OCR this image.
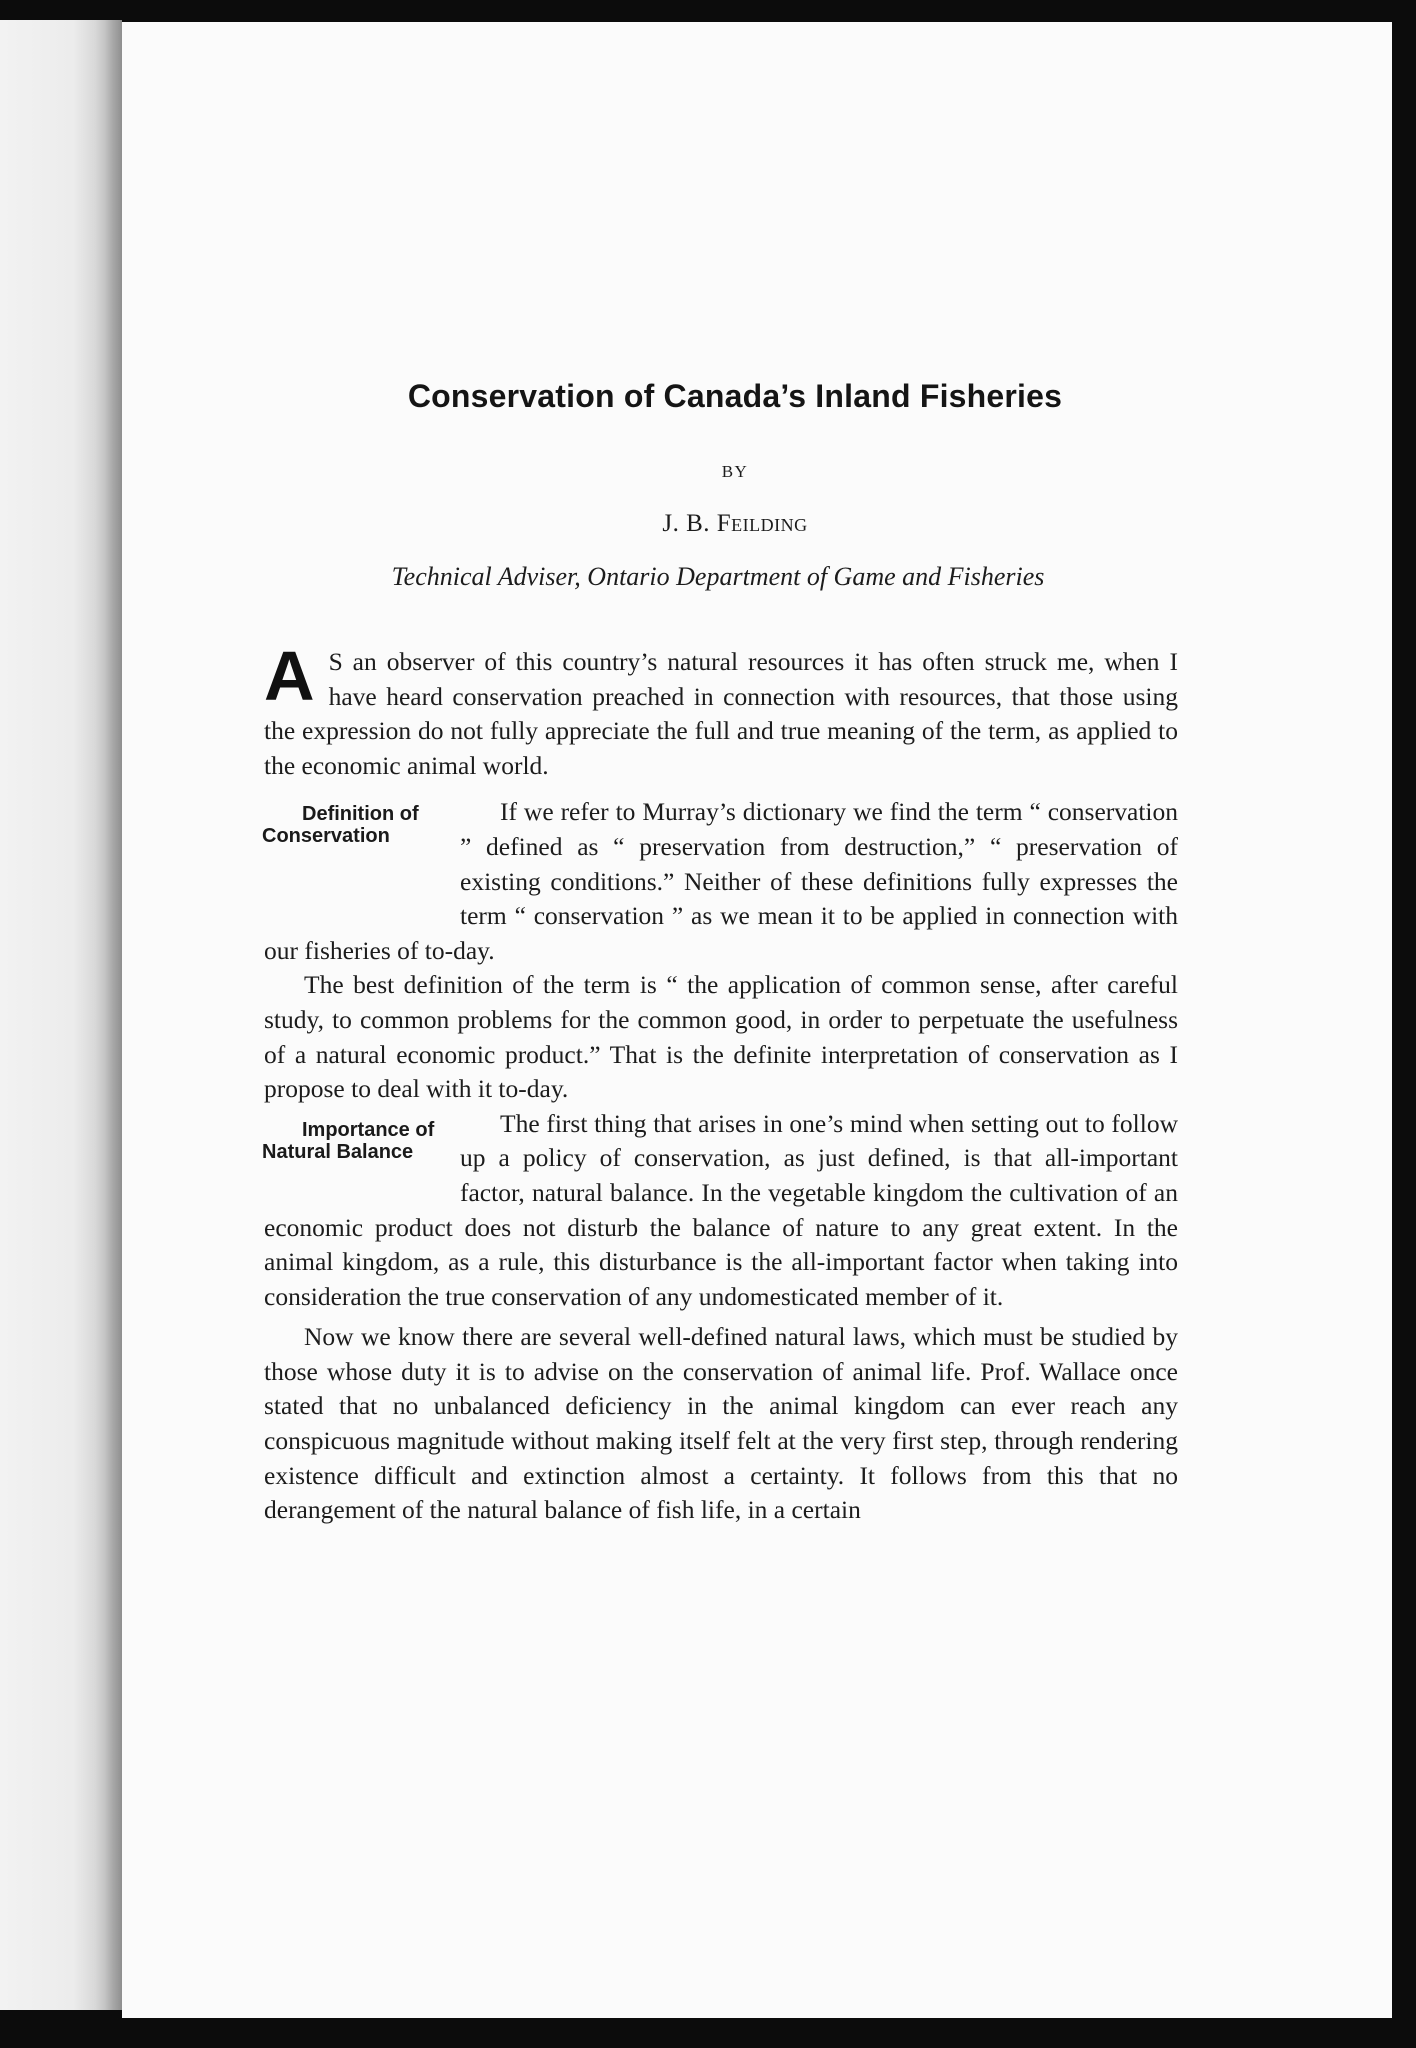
Conservation of Canada’s Inland Fisheries
BY
J. B. Feilding
Technical Adviser, Ontario Department of Game and Fisheries

A S an observer of this country’s natural resources it has often struck me, when I have heard conservation preached in connection with resources, that those using the expression do not fully appreciate the full and true meaning of the term, as applied to the economic animal world.

Definition of Conservation
If we refer to Murray’s dictionary we find the term “ conservation ” defined as “ preservation from destruction,” “ preservation of existing conditions.” Neither of these definitions fully expresses the term “ conservation ” as we mean it to be applied in connection with our fisheries of to-day.

The best definition of the term is “ the application of common sense, after careful study, to common problems for the common good, in order to perpetuate the usefulness of a natural economic product.” That is the definite interpretation of conservation as I propose to deal with it to-day.

Importance of Natural Balance
The first thing that arises in one’s mind when setting out to follow up a policy of conservation, as just defined, is that all-important factor, natural balance. In the vegetable kingdom the cultivation of an economic product does not disturb the balance of nature to any great extent. In the animal kingdom, as a rule, this disturbance is the all-important factor when taking into consideration the true conservation of any undomesticated member of it.

Now we know there are several well-defined natural laws, which must be studied by those whose duty it is to advise on the conservation of animal life. Prof. Wallace once stated that no unbalanced deficiency in the animal kingdom can ever reach any conspicuous magnitude without making itself felt at the very first step, through rendering existence difficult and extinction almost a certainty. It follows from this that no derangement of the natural balance of fish life, in a certain
